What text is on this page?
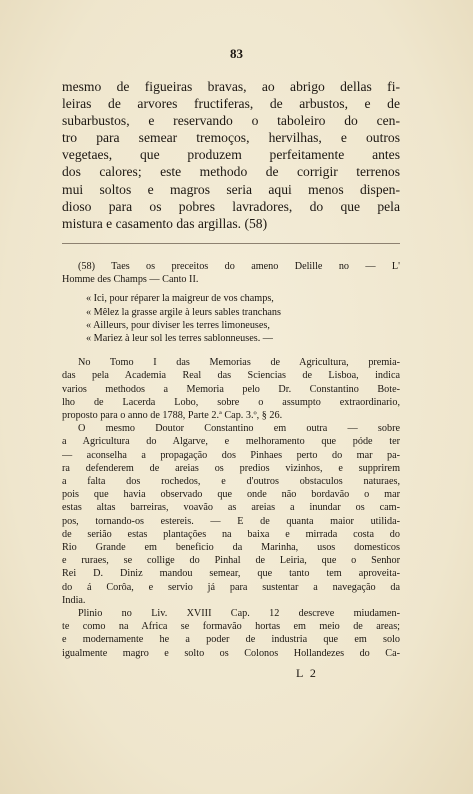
83
mesmo de figueiras bravas, ao abrigo dellas fi-
leiras de arvores fructiferas, de arbustos, e de
subarbustos, e reservando o taboleiro do cen-
tro para semear tremoços, hervilhas, e outros
vegetaes, que produzem perfeitamente antes
dos calores; este methodo de corrigir terrenos
mui soltos e magros seria aqui menos dispen-
dioso para os pobres lavradores, do que pela
mistura e casamento das argillas. (58)
(58) Taes os preceitos do ameno Delille no — L'
Homme des Champs — Canto II.
« Ici, pour réparer la maigreur de vos champs,
« Mêlez la grasse argile à leurs sables tranchans
« Ailleurs, pour diviser les terres limoneuses,
« Mariez à leur sol les terres sablonneuses. —
No Tomo I das Memorias de Agricultura, premia-
das pela Academia Real das Sciencias de Lisboa, indica
varios methodos a Memoria pelo Dr. Constantino Bote-
lho de Lacerda Lobo, sobre o assumpto extraordinario,
proposto para o anno de 1788, Parte 2.ª Cap. 3.º, § 26.
O mesmo Doutor Constantino em outra — sobre
a Agricultura do Algarve, e melhoramento que póde ter
— aconselha a propagação dos Pinhaes perto do mar pa-
ra defenderem de areias os predios vizinhos, e supprirem
a falta dos rochedos, e d'outros obstaculos naturaes,
pois que havia observado que onde não bordavão o mar
estas altas barreiras, voavão as areias a inundar os cam-
pos, tornando-os estereis. — E de quanta maior utilida-
de serião estas plantações na baixa e mirrada costa do
Rio Grande em beneficio da Marinha, usos domesticos
e ruraes, se collige do Pinhal de Leiria, que o Senhor
Rei D. Diniz mandou semear, que tanto tem aproveita-
do á Corôa, e servio já para sustentar a navegação da
India.
Plinio no Liv. XVIII Cap. 12 descreve miudamen-
te como na Africa se formavão hortas em meio de areas;
e modernamente he a poder de industria que em solo
igualmente magro e solto os Colonos Hollandezes do Ca-
L 2
